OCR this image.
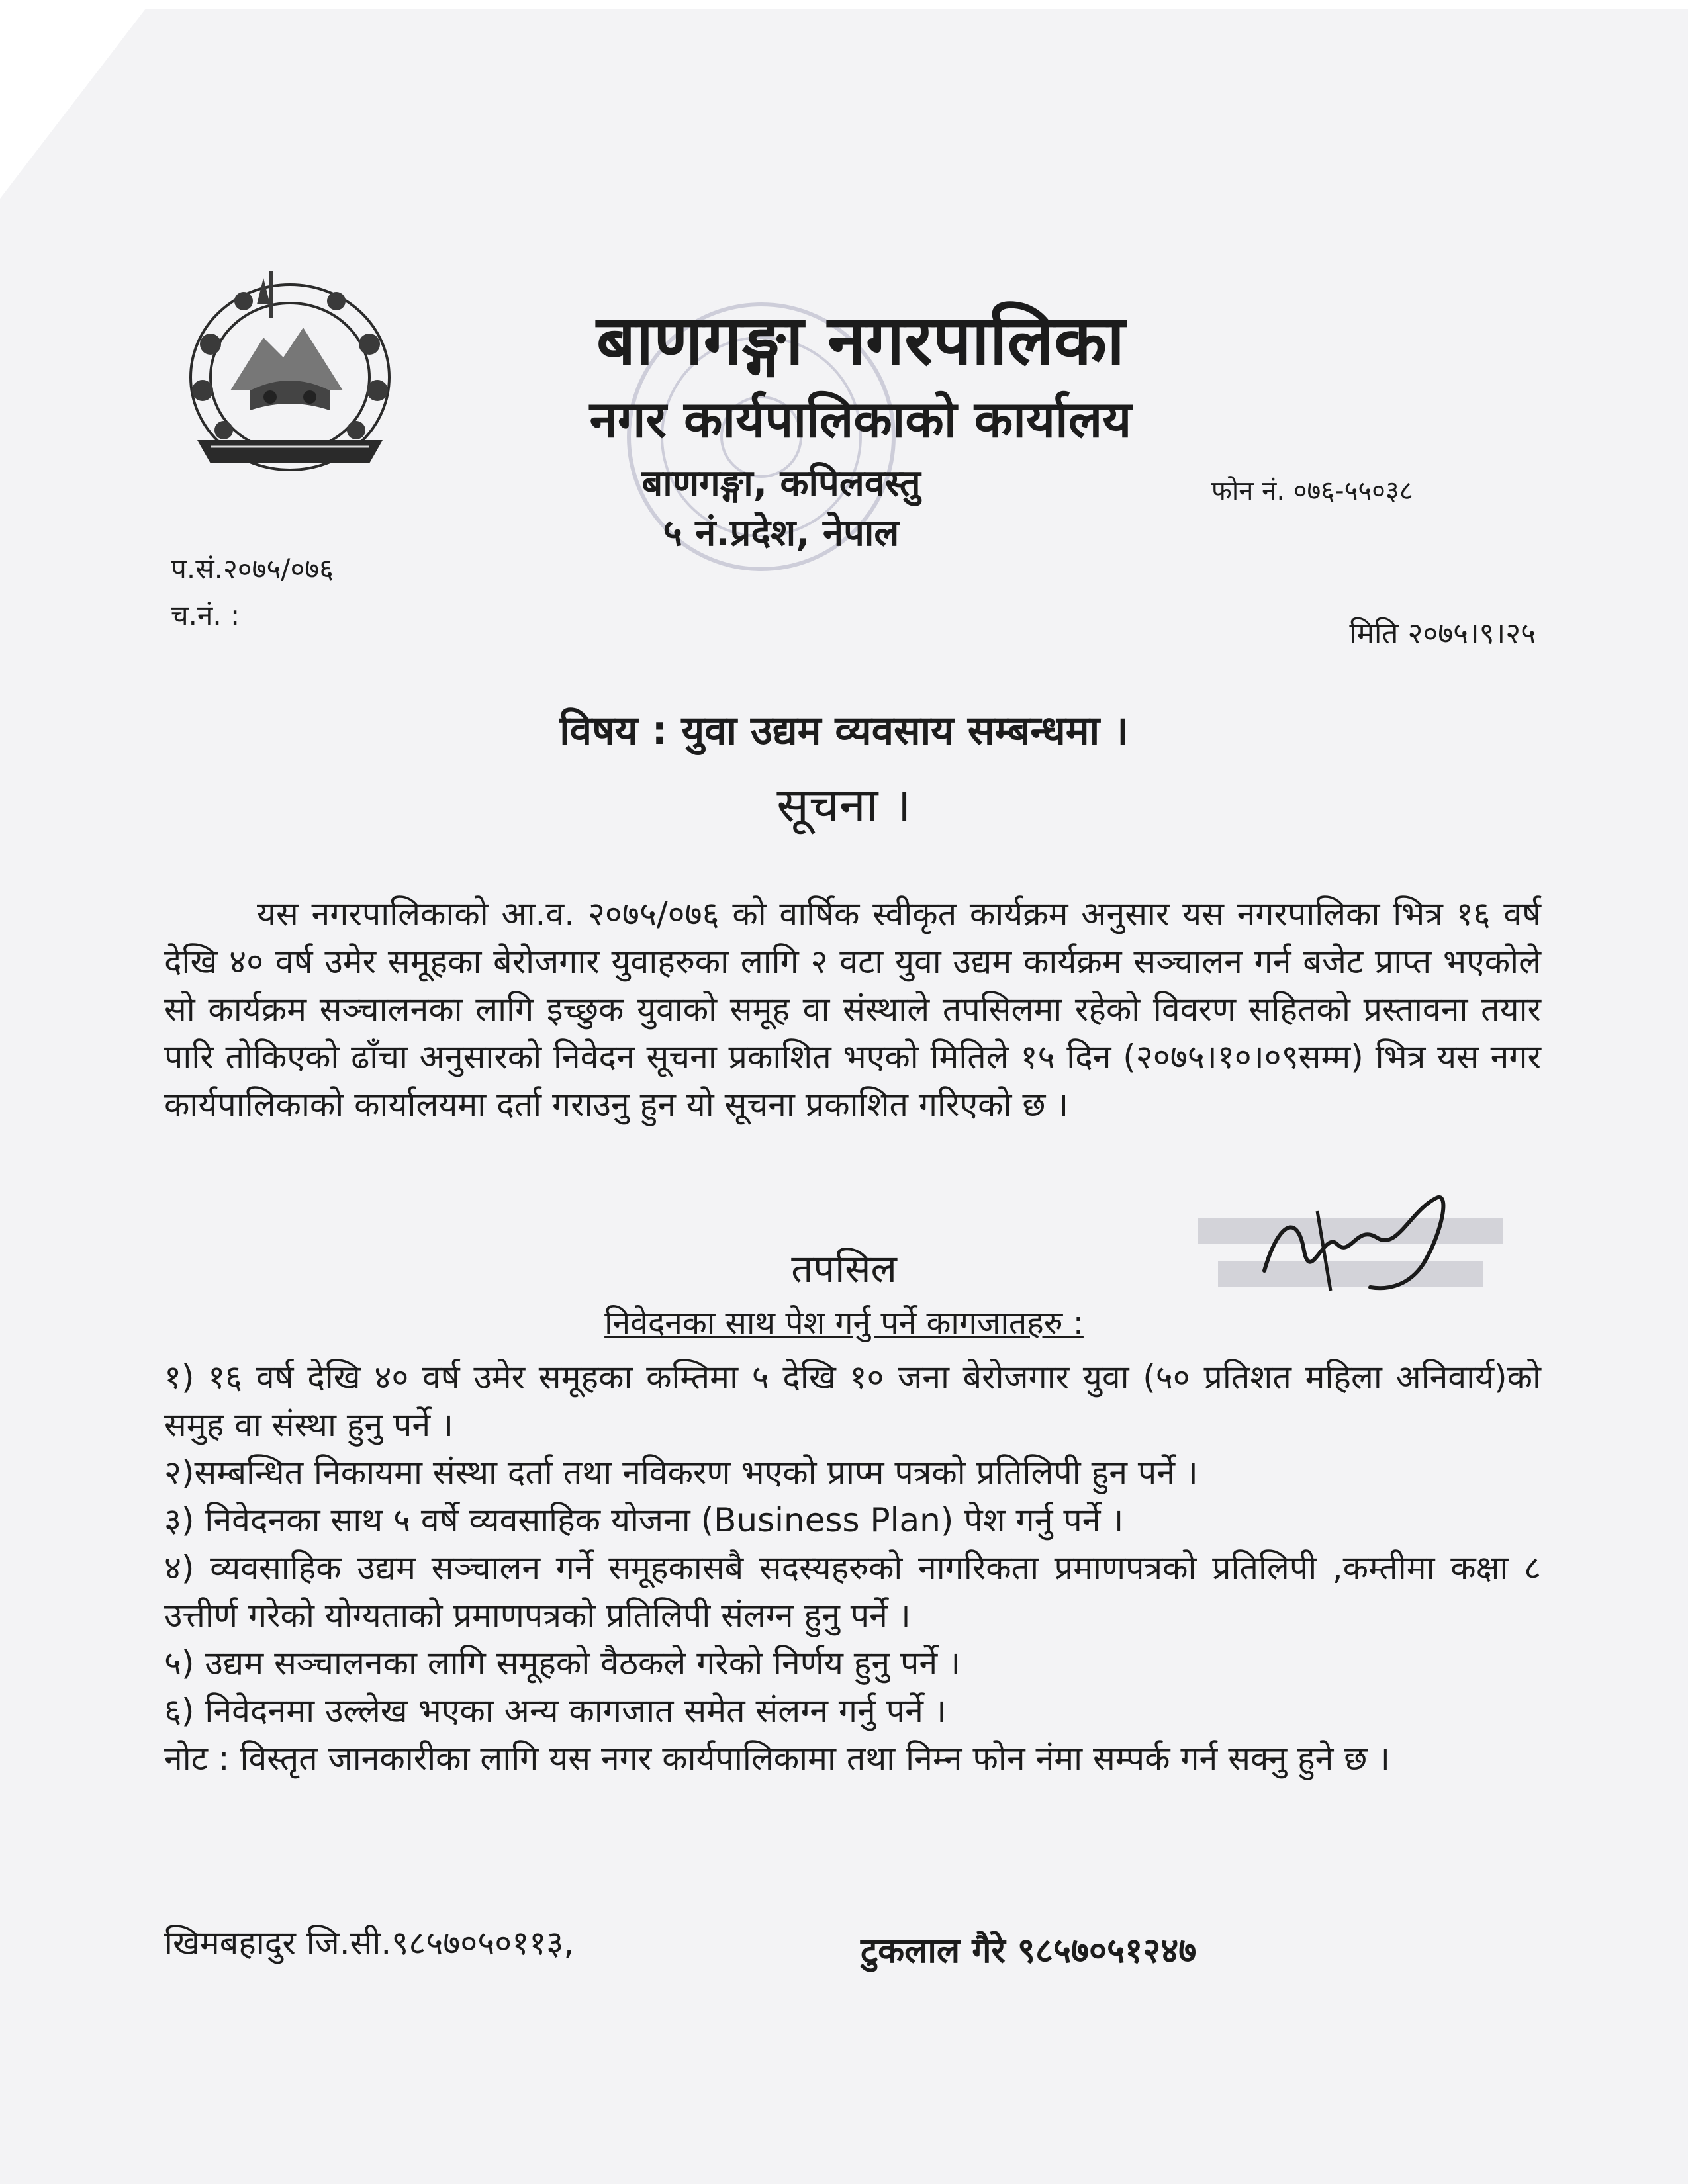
बाणगङ्गा नगरपालिका
नगर कार्यपालिकाको कार्यालय
बाणगङ्गा, कपिलवस्तु
५ नं.प्रदेश, नेपाल
फोन नं. ०७६-५५०३८
प.सं.२०७५/०७६
च.नं. :
मिति २०७५।९।२५
विषय : युवा उद्यम व्यवसाय सम्बन्धमा ।
सूचना ।

यस नगरपालिकाको आ.व. २०७५/०७६ को वार्षिक स्वीकृत कार्यक्रम अनुसार यस नगरपालिका भित्र १६ वर्ष देखि ४० वर्ष उमेर समूहका बेरोजगार युवाहरुका लागि २ वटा युवा उद्यम कार्यक्रम सञ्चालन गर्न बजेट प्राप्त भएकोले सो कार्यक्रम सञ्चालनका लागि इच्छुक युवाको समूह वा संस्थाले तपसिलमा रहेको विवरण सहितको प्रस्तावना तयार पारि तोकिएको ढाँचा अनुसारको निवेदन सूचना प्रकाशित भएको मितिले १५ दिन (२०७५।१०।०९सम्म) भित्र यस नगर कार्यपालिकाको कार्यालयमा दर्ता गराउनु हुन यो सूचना प्रकाशित गरिएको छ ।

तपसिल
निवेदनका साथ पेश गर्नु पर्ने कागजातहरु :

१) १६ वर्ष देखि ४० वर्ष उमेर समूहका कम्तिमा ५ देखि १० जना बेरोजगार युवा (५० प्रतिशत महिला अनिवार्य)को समुह वा संस्था हुनु पर्ने ।

२)सम्बन्धित निकायमा संस्था दर्ता तथा नविकरण भएको प्राप्म पत्रको प्रतिलिपी हुन पर्ने ।

३) निवेदनका साथ ५ वर्षे व्यवसाहिक योजना (Business Plan) पेश गर्नु पर्ने ।

४) व्यवसाहिक उद्यम सञ्चालन गर्ने समूहकासबै सदस्यहरुको नागरिकता प्रमाणपत्रको प्रतिलिपी ,कम्तीमा कक्षा ८ उत्तीर्ण गरेको योग्यताको प्रमाणपत्रको प्रतिलिपी संलग्न हुनु पर्ने ।

५) उद्यम सञ्चालनका लागि समूहको वैठकले गरेको निर्णय हुनु पर्ने ।

६) निवेदनमा उल्लेख भएका अन्य कागजात समेत संलग्न गर्नु पर्ने ।

नोट : विस्तृत जानकारीका लागि यस नगर कार्यपालिकामा तथा निम्न फोन नंमा सम्पर्क गर्न सक्नु हुने छ ।

खिमबहादुर जि.सी.९८५७०५०११३,	टुकलाल गैरे ९८५७०५१२४७
